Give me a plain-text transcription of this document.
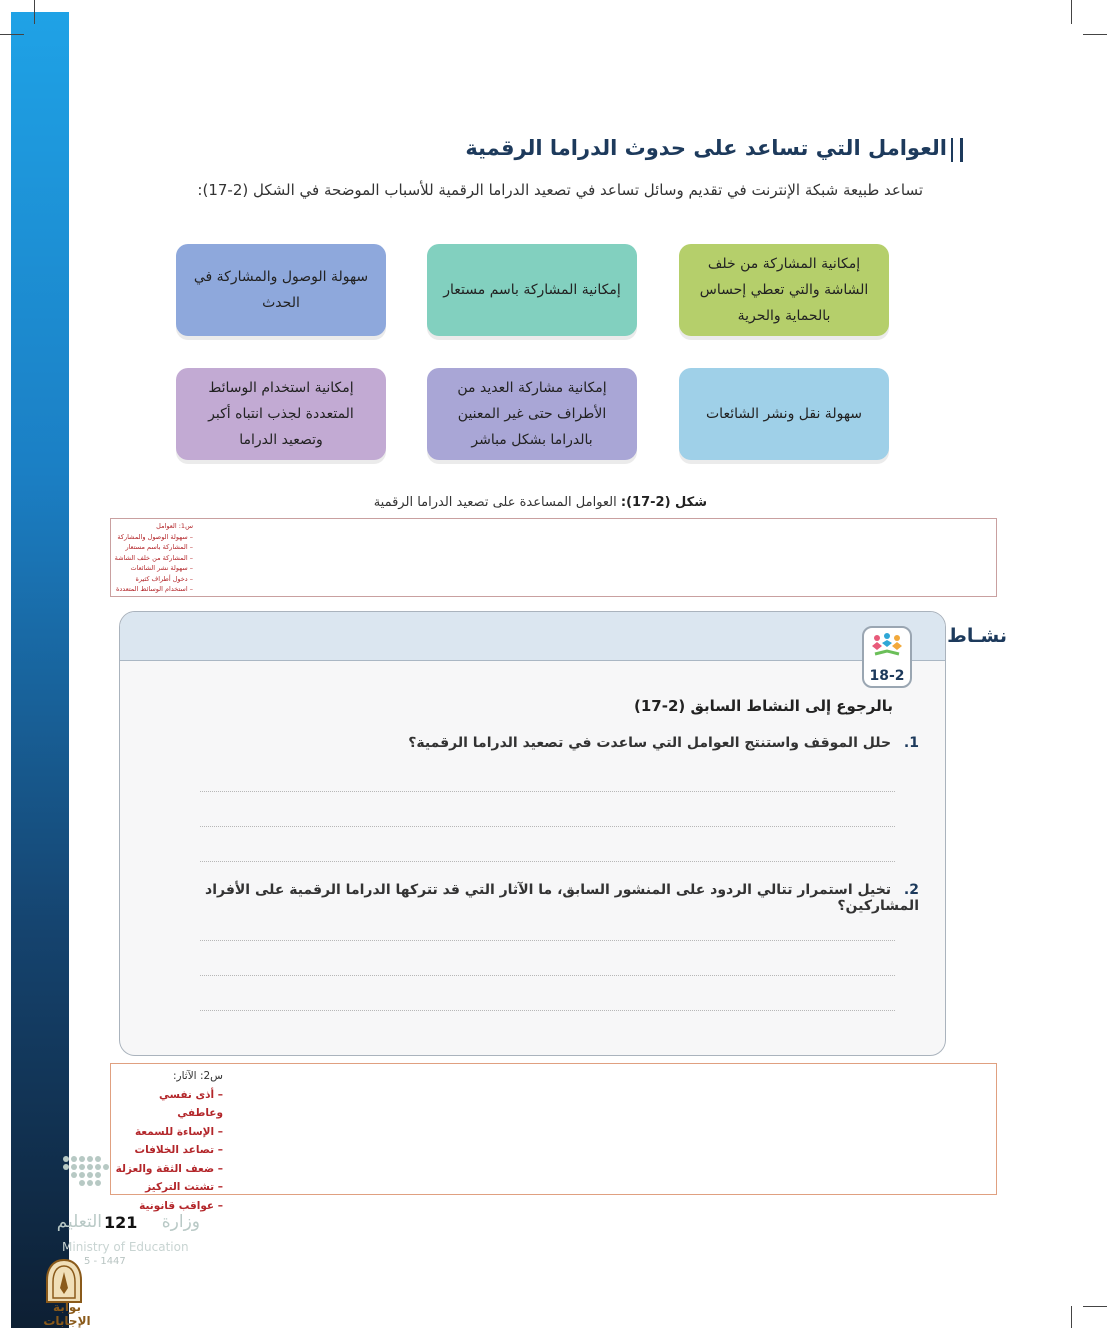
العوامل التي تساعد على حدوث الدراما الرقمية
تساعد طبيعة شبكة الإنترنت في تقديم وسائل تساعد في تصعيد الدراما الرقمية للأسباب الموضحة في الشكل (2-17):
إمكانية المشاركة من خلف الشاشة والتي تعطي إحساس بالحماية والحرية
إمكانية المشاركة باسم مستعار
سهولة الوصول والمشاركة في الحدث
سهولة نقل ونشر الشائعات
إمكانية مشاركة العديد من الأطراف حتى غير المعنين بالدراما بشكل مباشر
إمكانية استخدام الوسائط المتعددة لجذب انتباه أكبر وتصعيد الدراما
شكل (2-17): العوامل المساعدة على تصعيد الدراما الرقمية
س1: العوامل
– سهولة الوصول والمشاركة
– المشاركة باسم مستعار
– المشاركة من خلف الشاشة
– سهولة نشر الشائعات
– دخول أطراف كثيرة
– استخدام الوسائط المتعددة
نشـاط
18-2
بالرجوع إلى النشاط السابق (2-17)
1. حلل الموقف واستنتج العوامل التي ساعدت في تصعيد الدراما الرقمية؟
2. تخيل استمرار تتالي الردود على المنشور السابق، ما الآثار التي قد تتركها الدراما الرقمية على الأفراد المشاركين؟
س2: الآثار:
– أذى نفسي وعاطفي
– الإساءة للسمعة
– تصاعد الخلافات
– ضعف الثقة والعزلة
– تشتت التركيز
– عواقب قانونية
121	وزارة
التعليم
Ministry of Education
5 - 1447
بوابة الإجابات
